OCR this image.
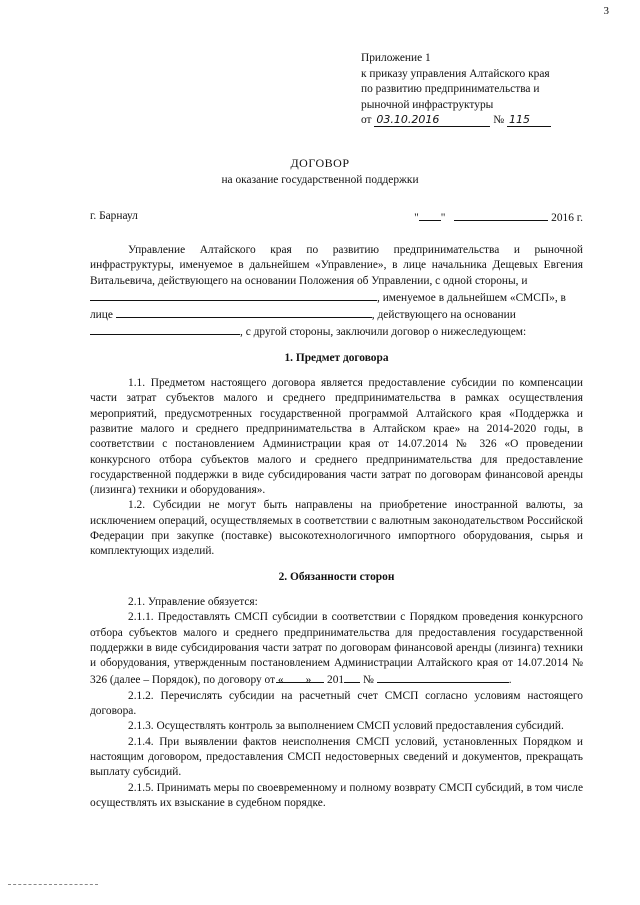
3
Приложение 1
к приказу управления Алтайского края
по развитию предпринимательства и
рыночной инфраструктуры
от 03.10.2016	№ 115
ДОГОВОР
на оказание государственной поддержки
г. Барнаул	" "	2016 г.

Управление Алтайского края по развитию предпринимательства и рыночной инфраструктуры, именуемое в дальнейшем «Управление», в лице начальника Дещевых Евгения Витальевича, действующего на основании Положения об Управлении, с одной стороны, и

, именуемое в дальнейшем «СМСП», в

лице	, действующего на основании

, с другой стороны, заключили договор о нижеследующем:

1. Предмет договора

1.1. Предметом настоящего договора является предоставление субсидии по компенсации части затрат субъектов малого и среднего предпринимательства в рамках осуществления мероприятий, предусмотренных государственной программой Алтайского края «Поддержка и развитие малого и среднего предпринимательства в Алтайском крае» на 2014-2020 годы, в соответствии с постановлением Администрации края от 14.07.2014 № 326 «О проведении конкурсного отбора субъектов малого и среднего предпринимательства для предоставление государственной поддержки в виде субсидирования части затрат по договорам финансовой аренды (лизинга) техники и оборудования».

1.2. Субсидии не могут быть направлены на приобретение иностранной валюты, за исключением операций, осуществляемых в соответствии с валютным законодательством Российской Федерации при закупке (поставке) высокотехнологичного импортного оборудования, сырья и комплектующих изделий.

2. Обязанности сторон

2.1. Управление обязуется:

2.1.1. Предоставлять СМСП субсидии в соответствии с Порядком проведения конкурсного отбора субъектов малого и среднего предпринимательства для предоставления государственной поддержки в виде субсидирования части затрат по договорам финансовой аренды (лизинга) техники и оборудования, утвержденным постановлением Администрации Алтайского края от 14.07.2014 № 326 (далее – Порядок), по договору от « » 201 №	.

2.1.2. Перечислять субсидии на расчетный счет СМСП согласно условиям настоящего договора.

2.1.3. Осуществлять контроль за выполнением СМСП условий предоставления субсидий.

2.1.4. При выявлении фактов неисполнения СМСП условий, установленных Порядком и настоящим договором, предоставления СМСП недостоверных сведений и документов, прекращать выплату субсидий.

2.1.5. Принимать меры по своевременному и полному возврату СМСП субсидий, в том числе осуществлять их взыскание в судебном порядке.
